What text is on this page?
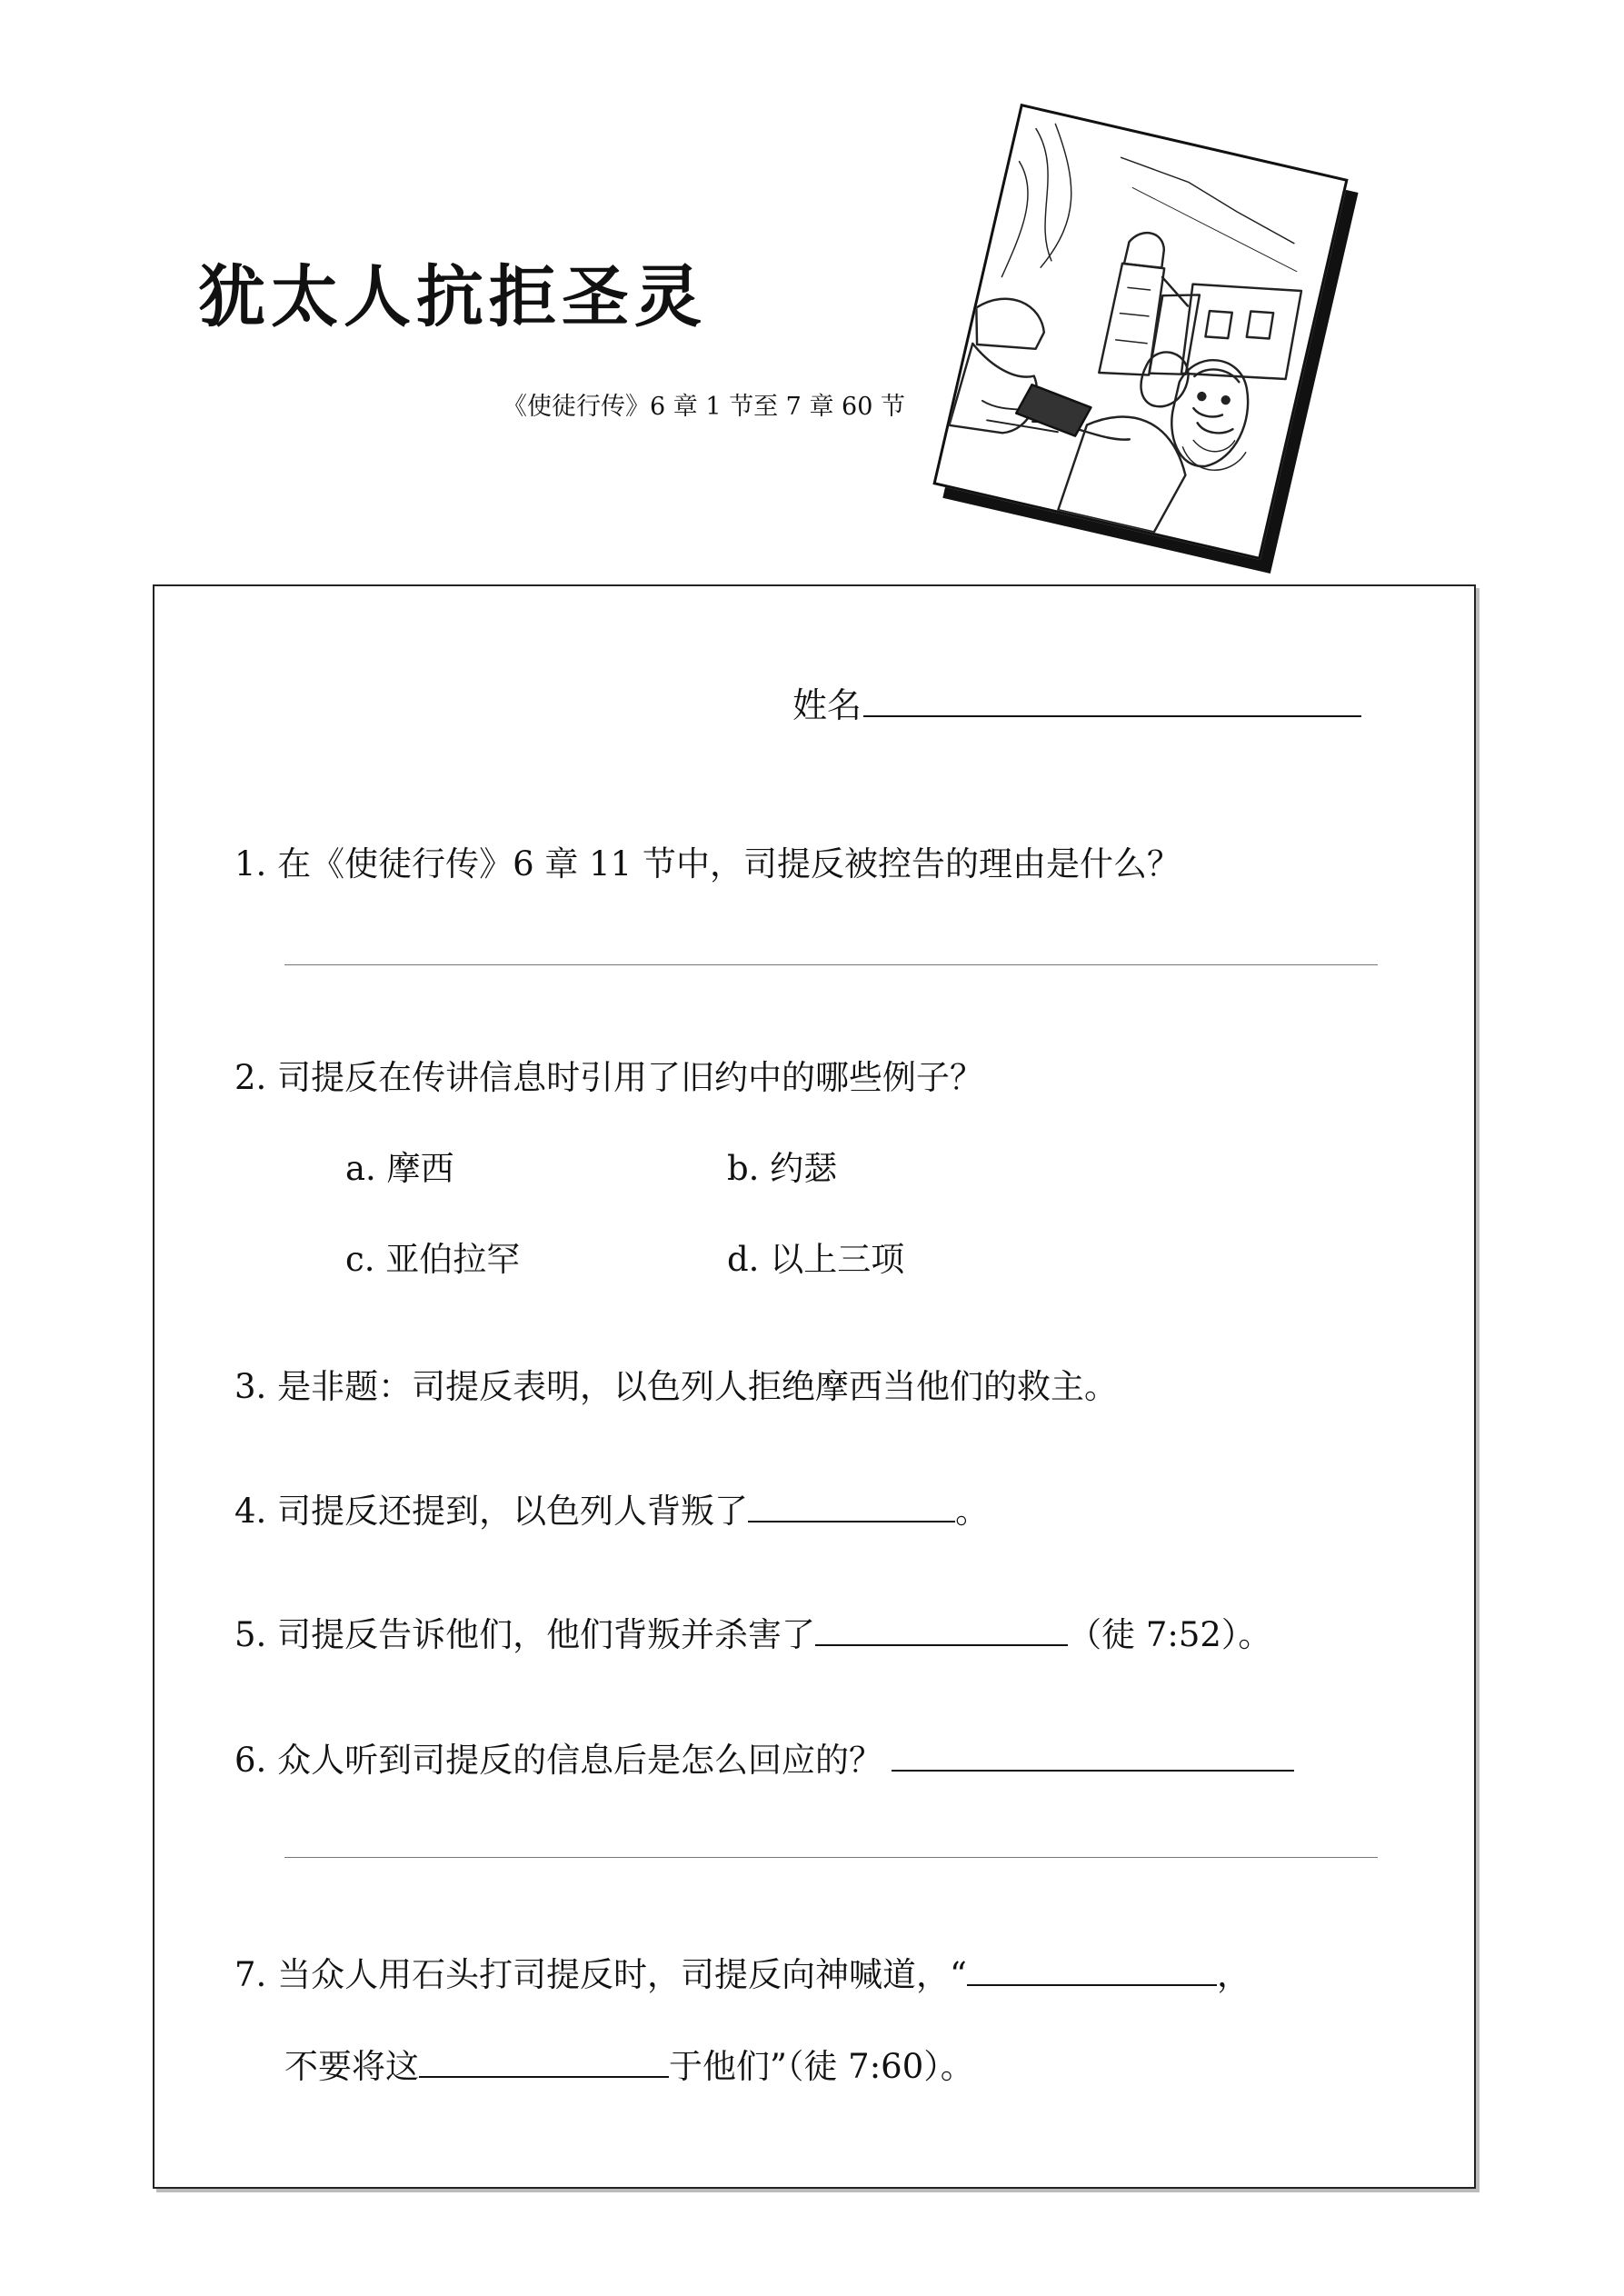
犹太人抗拒圣灵
《使徒行传》6 章 1 节至 7 章 60 节
姓名
1. 在《使徒行传》6 章 11 节中，司提反被控告的理由是什么？
2. 司提反在传讲信息时引用了旧约中的哪些例子？
a. 摩西	b. 约瑟
c. 亚伯拉罕	d. 以上三项
3. 是非题：司提反表明，以色列人拒绝摩西当他们的救主。
4. 司提反还提到，以色列人背叛了	。
5. 司提反告诉他们，他们背叛并杀害了	（徒 7:52）。
6. 众人听到司提反的信息后是怎么回应的？
7. 当众人用石头打司提反时，司提反向神喊道，“	，
不要将这	于他们”（徒 7:60）。
